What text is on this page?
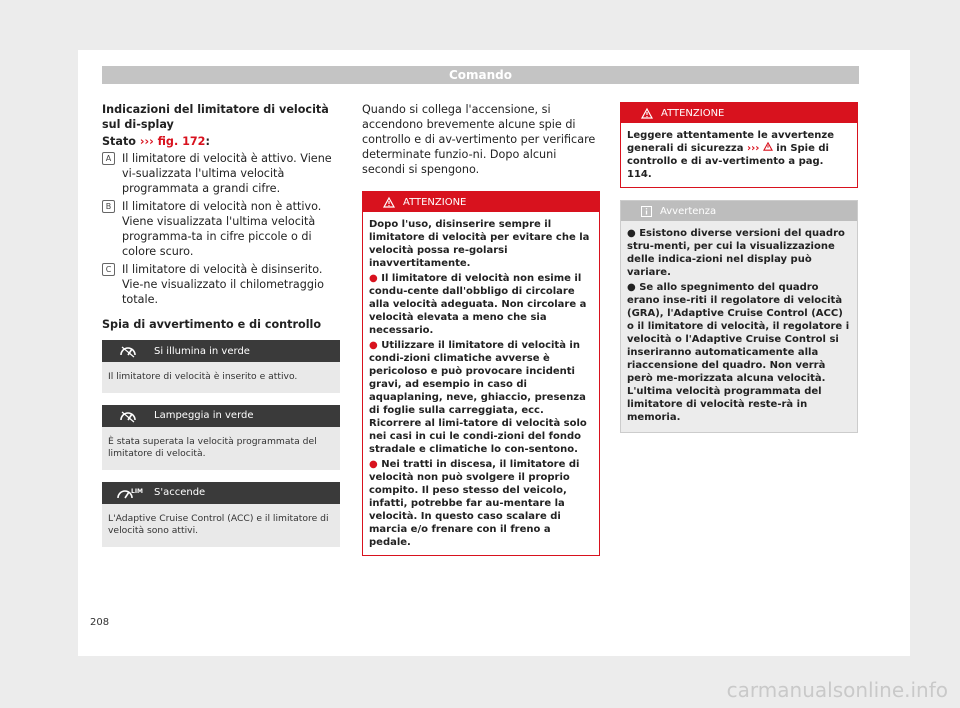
Comando
Indicazioni del limitatore di velocità sul di-splay
Stato ››› fig. 172:
A Il limitatore di velocità è attivo. Viene vi-sualizzata l'ultima velocità programmata a grandi cifre.
B Il limitatore di velocità non è attivo. Viene visualizzata l'ultima velocità programma-ta in cifre piccole o di colore scuro.
C Il limitatore di velocità è disinserito. Vie-ne visualizzato il chilometraggio totale.
Spia di avvertimento e di controllo
Si illumina in verde
Il limitatore di velocità è inserito e attivo.
Lampeggia in verde
È stata superata la velocità programmata del limitatore di velocità.
LIM S'accende
L'Adaptive Cruise Control (ACC) e il limitatore di velocità sono attivi.

Quando si collega l'accensione, si accendono brevemente alcune spie di controllo e di av-vertimento per verificare determinate funzio-ni. Dopo alcuni secondi si spengono.

ATTENZIONE

Dopo l'uso, disinserire sempre il limitatore di velocità per evitare che la velocità possa re-golarsi inavvertitamente.

● Il limitatore di velocità non esime il condu-cente dall'obbligo di circolare alla velocità adeguata. Non circolare a velocità elevata a meno che sia necessario.

● Utilizzare il limitatore di velocità in condi-zioni climatiche avverse è pericoloso e può provocare incidenti gravi, ad esempio in caso di aquaplaning, neve, ghiaccio, presenza di foglie sulla carreggiata, ecc. Ricorrere al limi-tatore di velocità solo nei casi in cui le condi-zioni del fondo stradale e climatiche lo con-sentono.

● Nei tratti in discesa, il limitatore di velocità non può svolgere il proprio compito. Il peso stesso del veicolo, infatti, potrebbe far au-mentare la velocità. In questo caso scalare di marcia e/o frenare con il freno a pedale.

ATTENZIONE

Leggere attentamente le avvertenze generali di sicurezza ›››  in Spie di controllo e di av-vertimento a pag. 114.

Avvertenza

● Esistono diverse versioni del quadro stru-menti, per cui la visualizzazione delle indica-zioni nel display può variare.

● Se allo spegnimento del quadro erano inse-riti il regolatore di velocità (GRA), l'Adaptive Cruise Control (ACC) o il limitatore di velocità, il regolatore i velocità o l'Adaptive Cruise Control si inseriranno automaticamente alla riaccensione del quadro. Non verrà però me-morizzata alcuna velocità. L'ultima velocità programmata del limitatore di velocità reste-rà in memoria.

208
carmanualsonline.info
